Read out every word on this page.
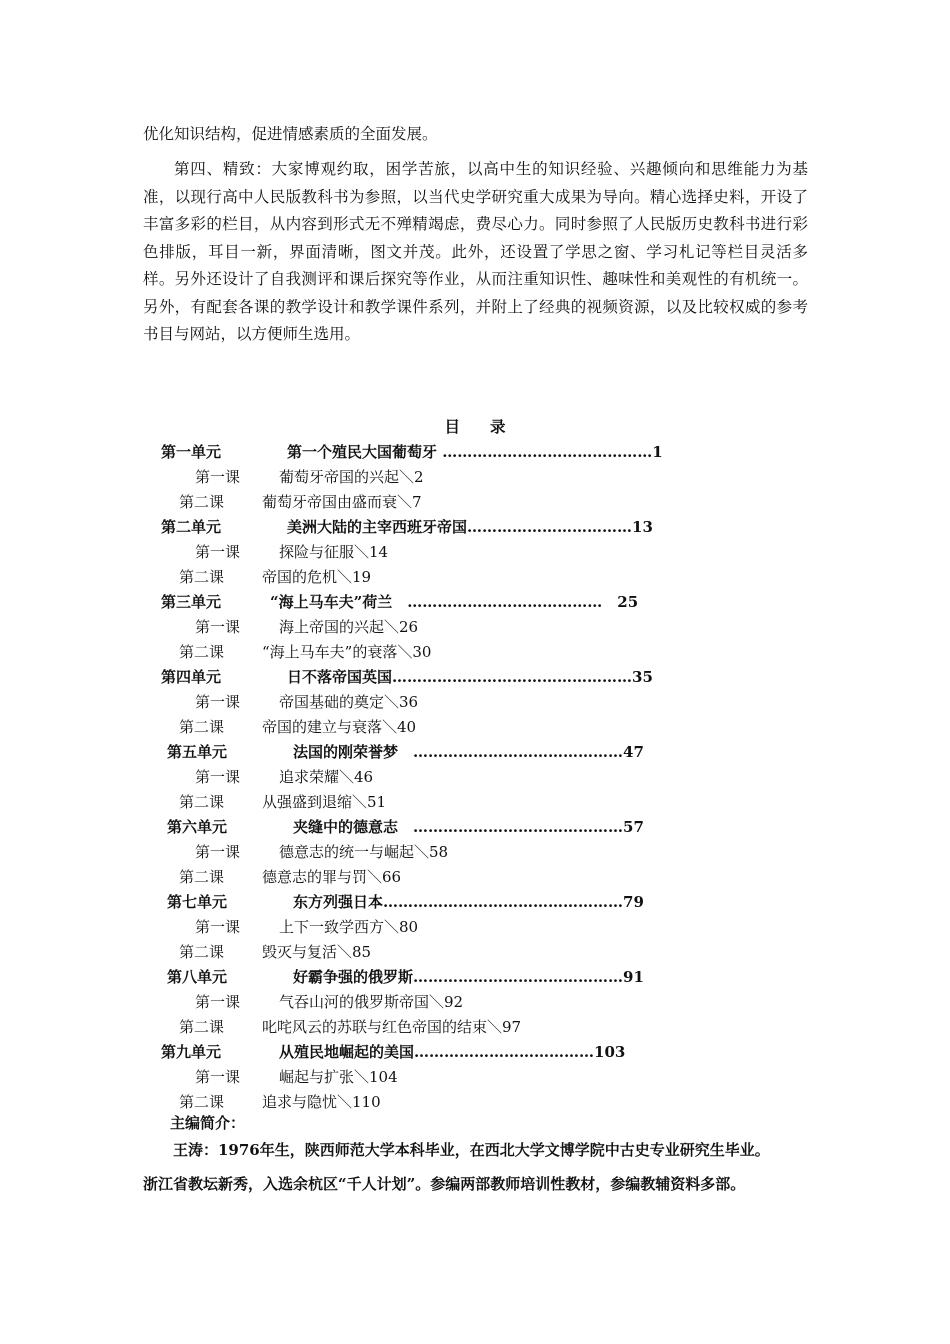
优化知识结构，促进情感素质的全面发展。

第四、精致：大家博观约取，困学苦旅，以高中生的知识经验、兴趣倾向和思维能力为基准，以现行高中人民版教科书为参照，以当代史学研究重大成果为导向。精心选择史料，开设了丰富多彩的栏目，从内容到形式无不殚精竭虑，费尽心力。同时参照了人民版历史教科书进行彩色排版，耳目一新，界面清晰，图文并茂。此外，还设置了学思之窗、学习札记等栏目灵活多样。另外还设计了自我测评和课后探究等作业，从而注重知识性、趣味性和美观性的有机统一。另外，有配套各课的教学设计和教学课件系列，并附上了经典的视频资源，以及比较权威的参考书目与网站，以方便师生选用。

目 录
第一单元	第一个殖民大国葡萄牙 ……………………………………1
第一课	葡萄牙帝国的兴起＼2
第二课	葡萄牙帝国由盛而衰＼7
第二单元	美洲大陆的主宰西班牙帝国……………………………13
第一课	探险与征服＼14
第二课	帝国的危机＼19
第三单元	“海上马车夫”荷兰　…………………………………　25
第一课	海上帝国的兴起＼26
第二课	“海上马车夫”的衰落＼30
第四单元	日不落帝国英国…………………………………………35
第一课	帝国基础的奠定＼36
第二课	帝国的建立与衰落＼40
第五单元	法国的刚荣誉梦　……………………………………47
第一课	追求荣耀＼46
第二课	从强盛到退缩＼51
第六单元	夹缝中的德意志　……………………………………57
第一课	德意志的统一与崛起＼58
第二课	德意志的罪与罚＼66
第七单元	东方列强日本…………………………………………79
第一课	上下一致学西方＼80
第二课	毁灭与复活＼85
第八单元	好霸争强的俄罗斯……………………………………91
第一课	气吞山河的俄罗斯帝国＼92
第二课	叱咤风云的苏联与红色帝国的结束＼97
第九单元	从殖民地崛起的美国………………………………103
第一课	崛起与扩张＼104
第二课	追求与隐忧＼110
主编简介：

王涛：1976年生，陕西师范大学本科毕业，在西北大学文博学院中古史专业研究生毕业。

浙江省教坛新秀，入选余杭区“千人计划”。参编两部教师培训性教材，参编教辅资料多部。
